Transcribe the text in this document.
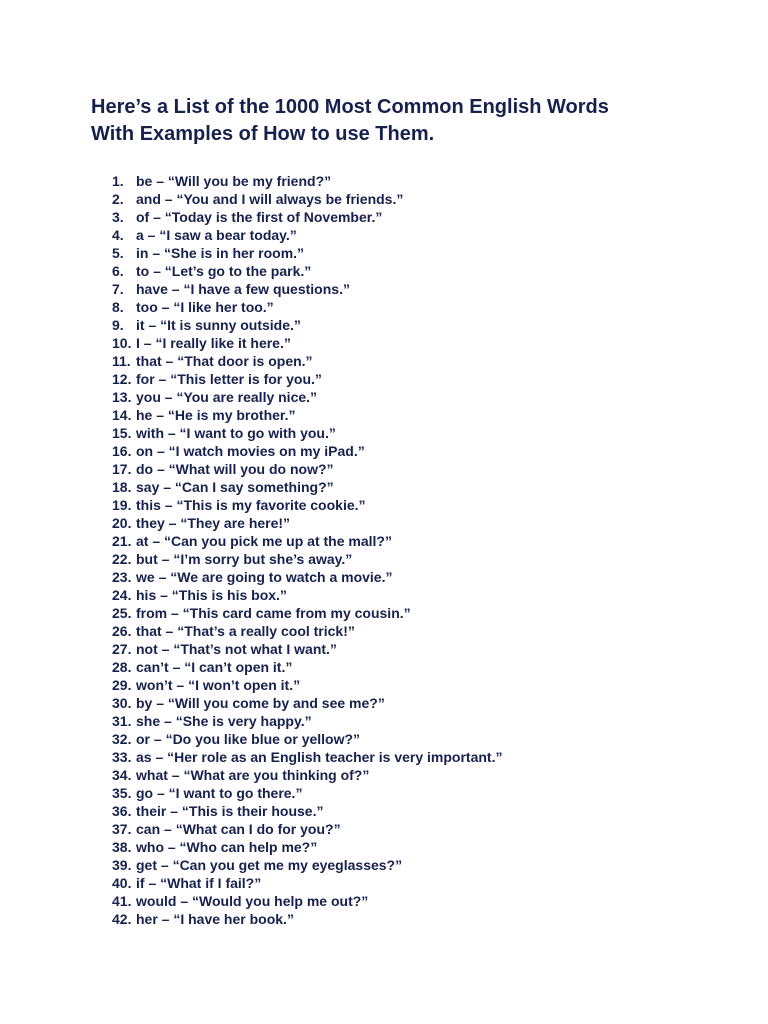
Here’s a List of the 1000 Most Common English Words
With Examples of How to use Them.
1. be – “Will you be my friend?”
2. and – “You and I will always be friends.”
3. of – “Today is the first of November.”
4. a – “I saw a bear today.”
5. in – “She is in her room.”
6. to – “Let’s go to the park.”
7. have – “I have a few questions.”
8. too – “I like her too.”
9. it – “It is sunny outside.”
10. I – “I really like it here.”
11. that – “That door is open.”
12. for – “This letter is for you.”
13. you – “You are really nice.”
14. he – “He is my brother.”
15. with – “I want to go with you.”
16. on – “I watch movies on my iPad.”
17. do – “What will you do now?”
18. say – “Can I say something?”
19. this – “This is my favorite cookie.”
20. they – “They are here!”
21. at – “Can you pick me up at the mall?”
22. but – “I’m sorry but she’s away.”
23. we – “We are going to watch a movie.”
24. his – “This is his box.”
25. from – “This card came from my cousin.”
26. that – “That’s a really cool trick!”
27. not – “That’s not what I want.”
28. can’t – “I can’t open it.”
29. won’t – “I won’t open it.”
30. by – “Will you come by and see me?”
31. she – “She is very happy.”
32. or – “Do you like blue or yellow?”
33. as – “Her role as an English teacher is very important.”
34. what – “What are you thinking of?”
35. go – “I want to go there.”
36. their – “This is their house.”
37. can – “What can I do for you?”
38. who – “Who can help me?”
39. get – “Can you get me my eyeglasses?”
40. if – “What if I fail?”
41. would – “Would you help me out?”
42. her – “I have her book.”
